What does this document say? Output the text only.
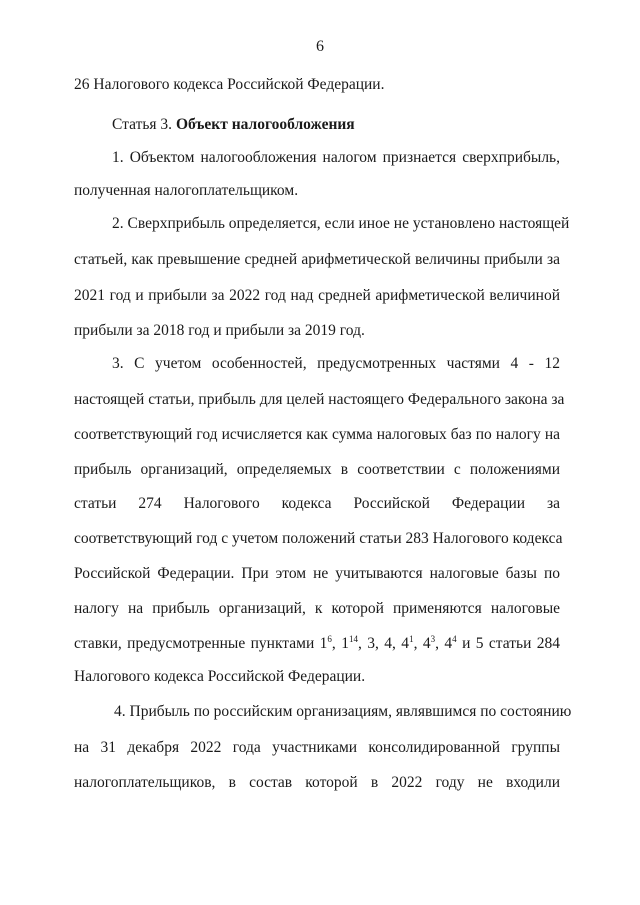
6
26 Налогового кодекса Российской Федерации.
Статья 3. Объект налогообложения
1. Объектом налогообложения налогом признается сверхприбыль,
полученная налогоплательщиком.
2. Сверхприбыль определяется, если иное не установлено настоящей
статьей, как превышение средней арифметической величины прибыли за
2021 год и прибыли за 2022 год над средней арифметической величиной
прибыли за 2018 год и прибыли за 2019 год.
3. С учетом особенностей, предусмотренных частями 4 - 12
настоящей статьи, прибыль для целей настоящего Федерального закона за
соответствующий год исчисляется как сумма налоговых баз по налогу на
прибыль организаций, определяемых в соответствии с положениями
статьи 274 Налогового кодекса Российской Федерации за
соответствующий год с учетом положений статьи 283 Налогового кодекса
Российской Федерации. При этом не учитываются налоговые базы по
налогу на прибыль организаций, к которой применяются налоговые
ставки, предусмотренные пунктами $1^6$, $1^{14}$, 3, 4, $4^1$, $4^3$, $4^4$ и 5 статьи 284
Налогового кодекса Российской Федерации.
4. Прибыль по российским организациям, являвшимся по состоянию
на 31 декабря 2022 года участниками консолидированной группы
налогоплательщиков, в состав которой в 2022 году не входили
